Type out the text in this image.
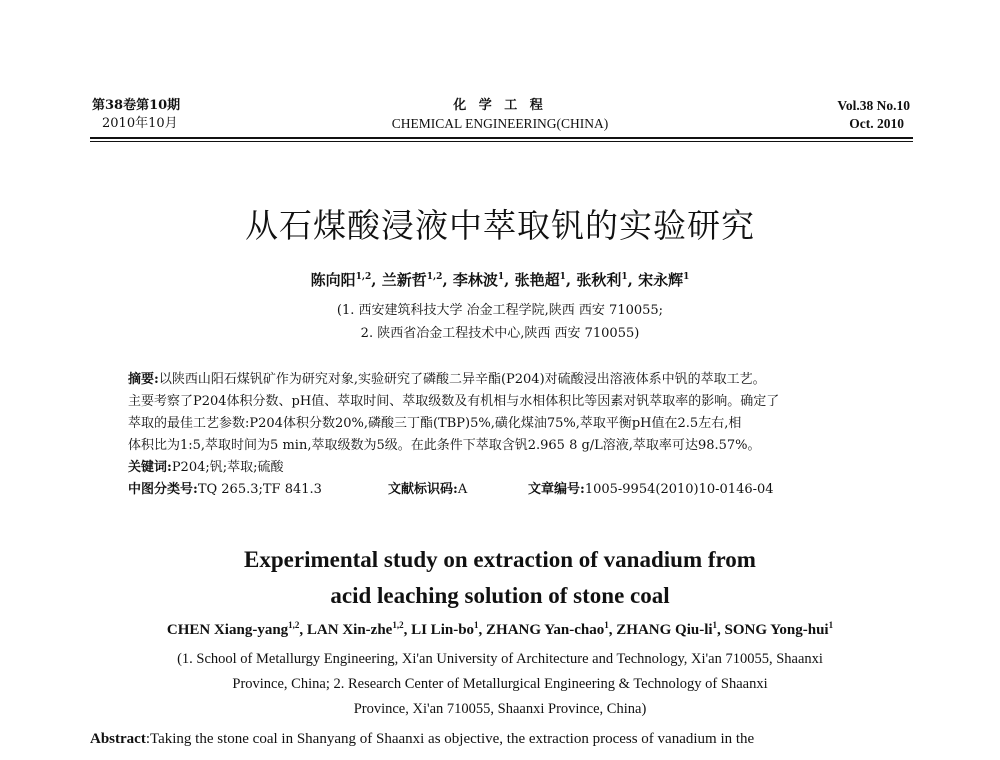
第38卷第10期
2010年10月
化 学 工 程
CHEMICAL ENGINEERING(CHINA)
Vol.38 No.10
Oct. 2010
从石煤酸浸液中萃取钒的实验研究
陈向阳$^{1,2}$, 兰新哲$^{1,2}$, 李林波$^1$, 张艳超$^1$, 张秋利$^1$, 宋永辉$^1$
(1. 西安建筑科技大学 冶金工程学院,陕西 西安 710055;
2. 陕西省冶金工程技术中心,陕西 西安 710055)
摘要:以陕西山阳石煤钒矿作为研究对象,实验研究了磷酸二异辛酯(P204)对硫酸浸出溶液体系中钒的萃取工艺。
主要考察了P204体积分数、pH值、萃取时间、萃取级数及有机相与水相体积比等因素对钒萃取率的影响。确定了
萃取的最佳工艺参数:P204体积分数20%,磷酸三丁酯(TBP)5%,磺化煤油75%,萃取平衡pH值在2.5左右,相
体积比为1:5,萃取时间为5 min,萃取级数为5级。在此条件下萃取含钒2.965 8 g/L溶液,萃取率可达98.57%。
关键词:P204;钒;萃取;硫酸
中图分类号:TQ 265.3;TF 841.3	文献标识码:A	文章编号:1005-9954(2010)10-0146-04
Experimental study on extraction of vanadium from
acid leaching solution of stone coal
CHEN Xiang-yang$^{1,2}$, LAN Xin-zhe$^{1,2}$, LI Lin-$bo^1$, ZHANG Yan-chao$^1$, ZHANG Qiu-$li^1$, SONG Yong-hui$^1$
(1. School of Metallurgy Engineering, Xi'an University of Architecture and Technology, Xi'an 710055, Shaanxi
Province, China; 2. Research Center of Metallurgical Engineering & Technology of Shaanxi
Province, Xi'an 710055, Shaanxi Province, China)
Abstract:Taking the stone coal in Shanyang of Shaanxi as objective, the extraction process of vanadium in the
